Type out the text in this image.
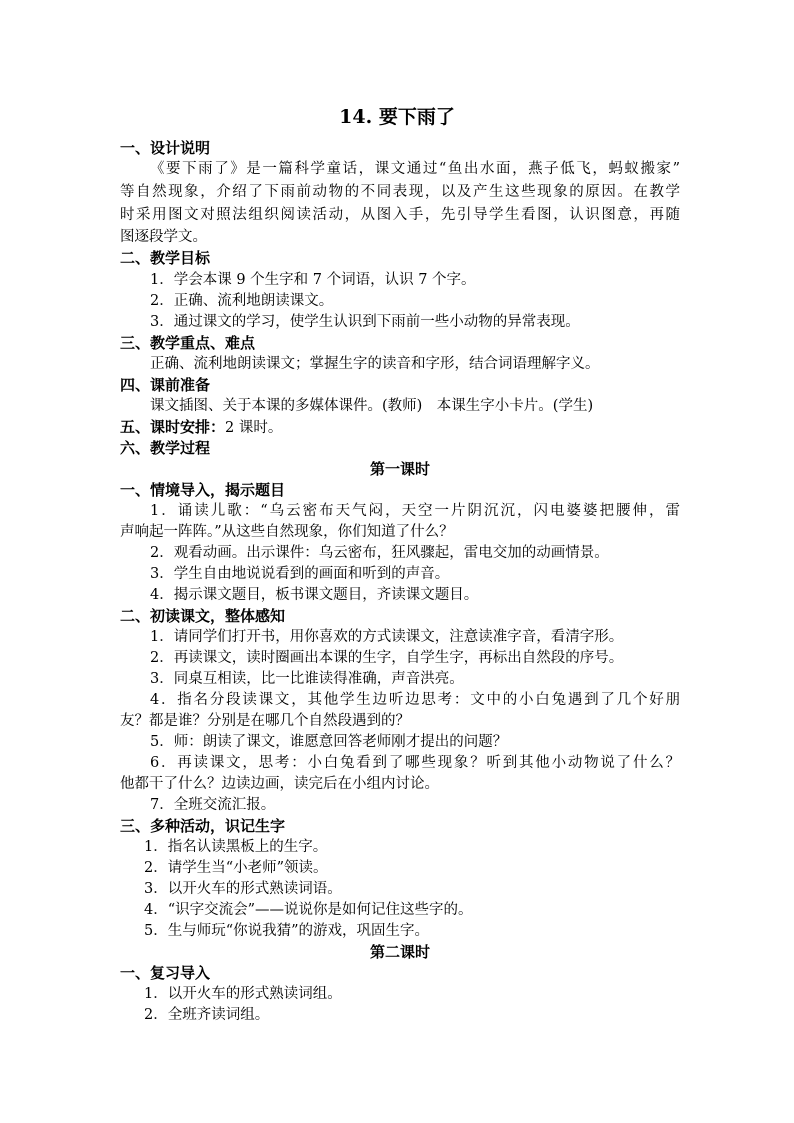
14. 要下雨了
一、设计说明
《要下雨了》是一篇科学童话，课文通过“鱼出水面，燕子低飞，蚂蚁搬家”
等自然现象，介绍了下雨前动物的不同表现，以及产生这些现象的原因。在教学
时采用图文对照法组织阅读活动，从图入手，先引导学生看图，认识图意，再随
图逐段学文。
二、教学目标
1．学会本课 9 个生字和 7 个词语，认识 7 个字。
2．正确、流利地朗读课文。
3．通过课文的学习，使学生认识到下雨前一些小动物的异常表现。
三、教学重点、难点
正确、流利地朗读课文；掌握生字的读音和字形，结合词语理解字义。
四、课前准备
课文插图、关于本课的多媒体课件。(教师)　本课生字小卡片。(学生)
五、课时安排：2 课时。
六、教学过程
第一课时
一、情境导入，揭示题目
1．诵读儿歌：“乌云密布天气闷，天空一片阴沉沉，闪电婆婆把腰伸，雷
声响起一阵阵。”从这些自然现象，你们知道了什么？
2．观看动画。出示课件：乌云密布，狂风骤起，雷电交加的动画情景。
3．学生自由地说说看到的画面和听到的声音。
4．揭示课文题目，板书课文题目，齐读课文题目。
二、初读课文，整体感知
1．请同学们打开书，用你喜欢的方式读课文，注意读准字音，看清字形。
2．再读课文，读时圈画出本课的生字，自学生字，再标出自然段的序号。
3．同桌互相读，比一比谁读得准确，声音洪亮。
4．指名分段读课文，其他学生边听边思考：文中的小白兔遇到了几个好朋
友？都是谁？分别是在哪几个自然段遇到的？
5．师：朗读了课文，谁愿意回答老师刚才提出的问题？
6．再读课文，思考：小白兔看到了哪些现象？听到其他小动物说了什么？
他都干了什么？边读边画，读完后在小组内讨论。
7．全班交流汇报。
三、多种活动，识记生字
1．指名认读黑板上的生字。
2．请学生当“小老师”领读。
3．以开火车的形式熟读词语。
4．“识字交流会”——说说你是如何记住这些字的。
5．生与师玩“你说我猜”的游戏，巩固生字。
第二课时
一、复习导入
1．以开火车的形式熟读词组。
2．全班齐读词组。
